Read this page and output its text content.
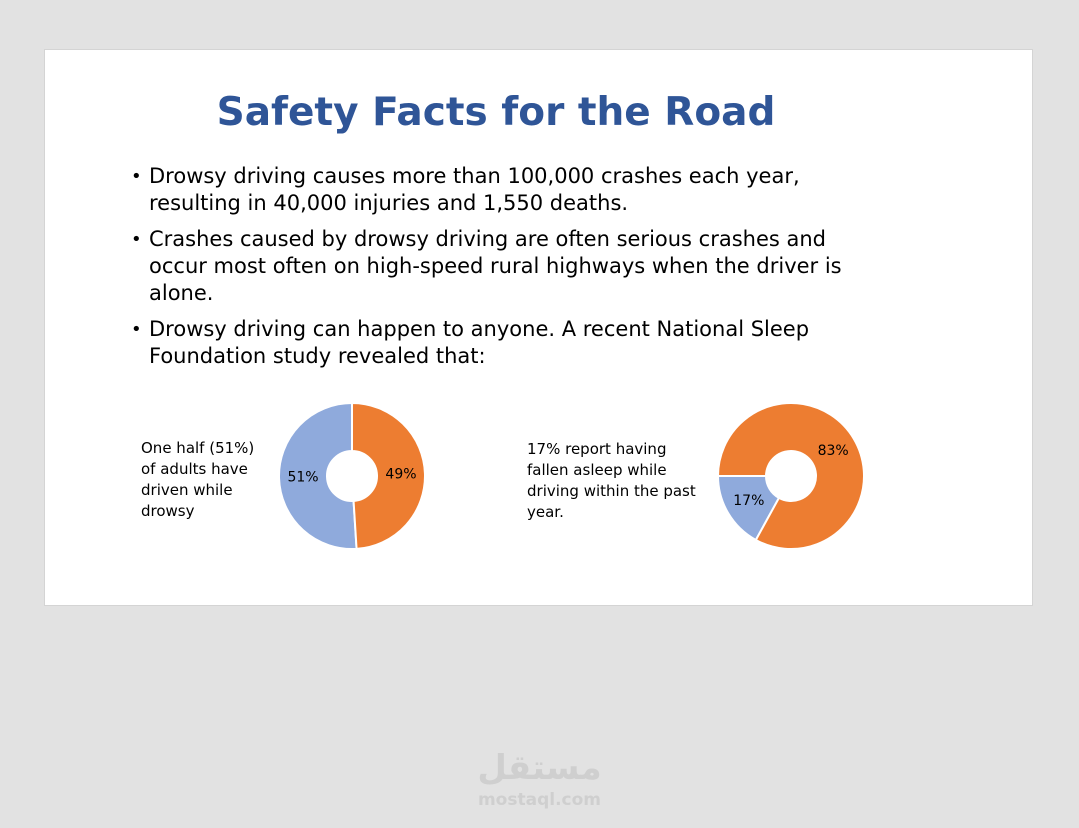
Safety Facts for the Road
• Drowsy driving causes more than 100,000 crashes each year, resulting in 40,000 injuries and 1,550 deaths.
• Crashes caused by drowsy driving are often serious crashes and occur most often on high-speed rural highways when the driver is alone.
• Drowsy driving can happen to anyone. A recent National Sleep Foundation study revealed that:

One half (51%) of adults have driven while drowsy

51%	49%

17% report having fallen asleep while driving within the past year.

17%
83%
مستقل
mostaql.com
